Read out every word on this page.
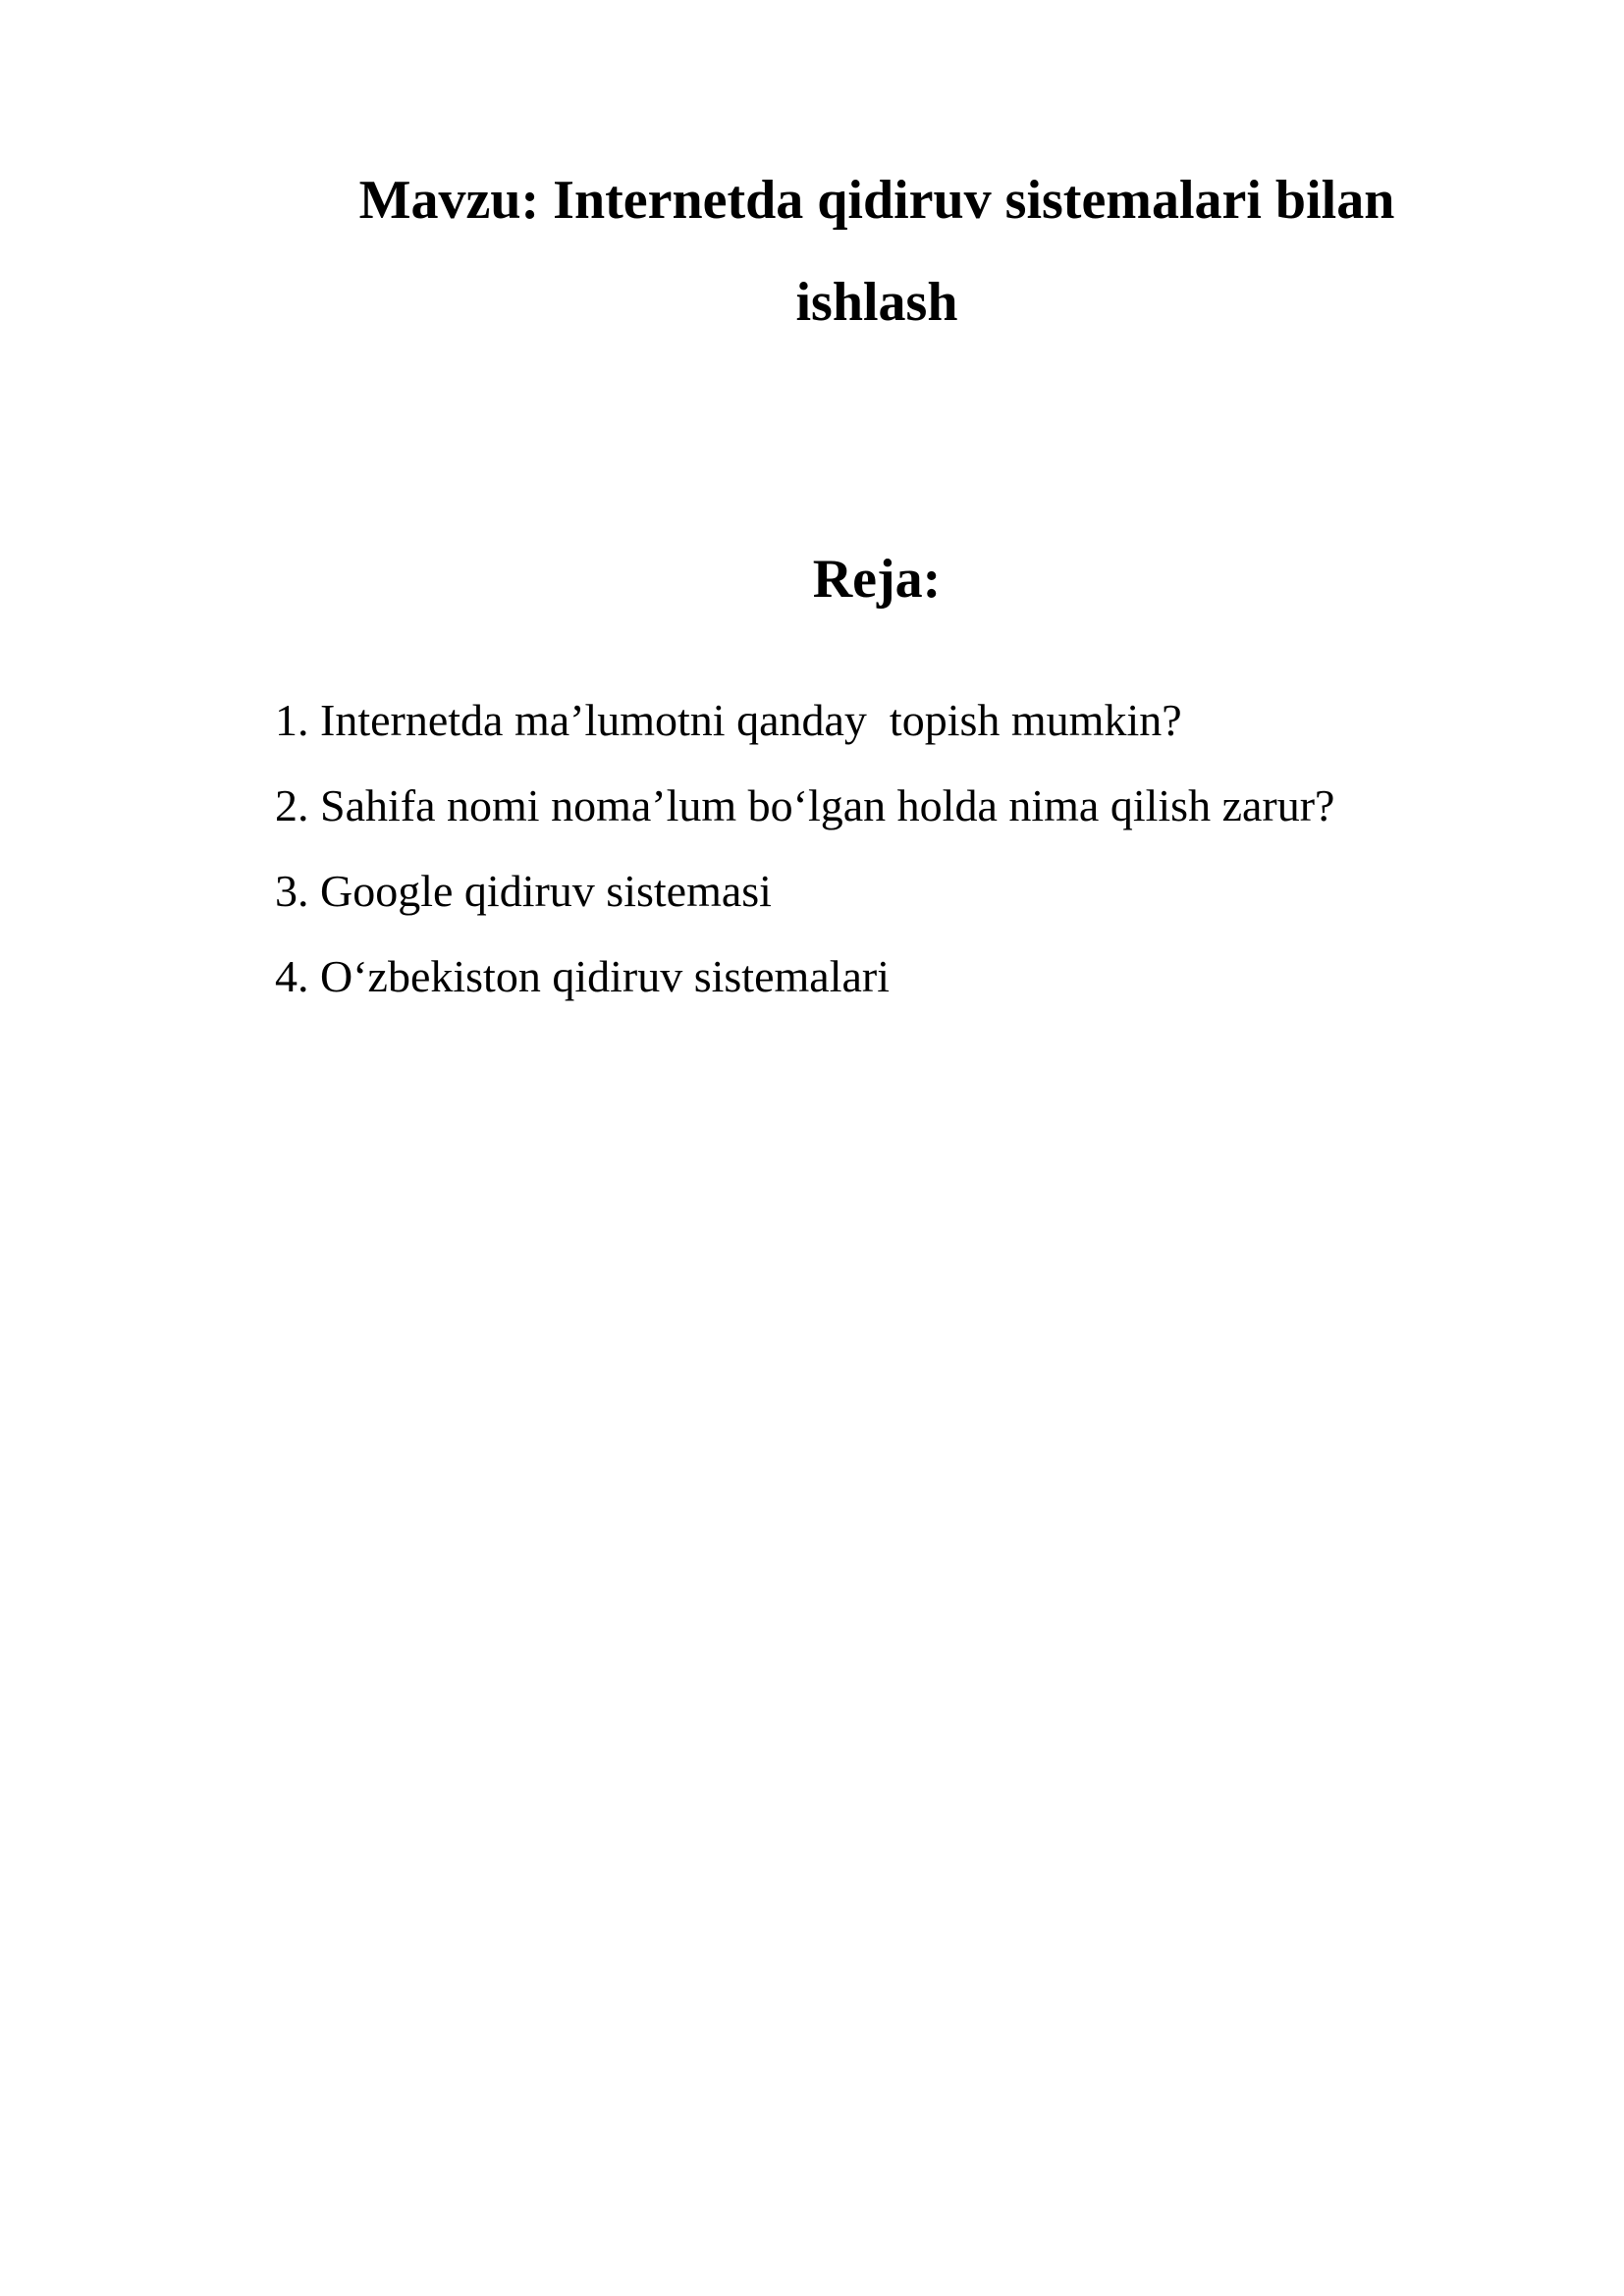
Mavzu: Internetda qidiruv sistemalari bilan ishlash
Reja:
1. Internetda ma’lumotni qanday  topish mumkin?
2. Sahifa nomi noma’lum bo‘lgan holda nima qilish zarur?
3. Google qidiruv sistemasi
4. O‘zbekiston qidiruv sistemalari
